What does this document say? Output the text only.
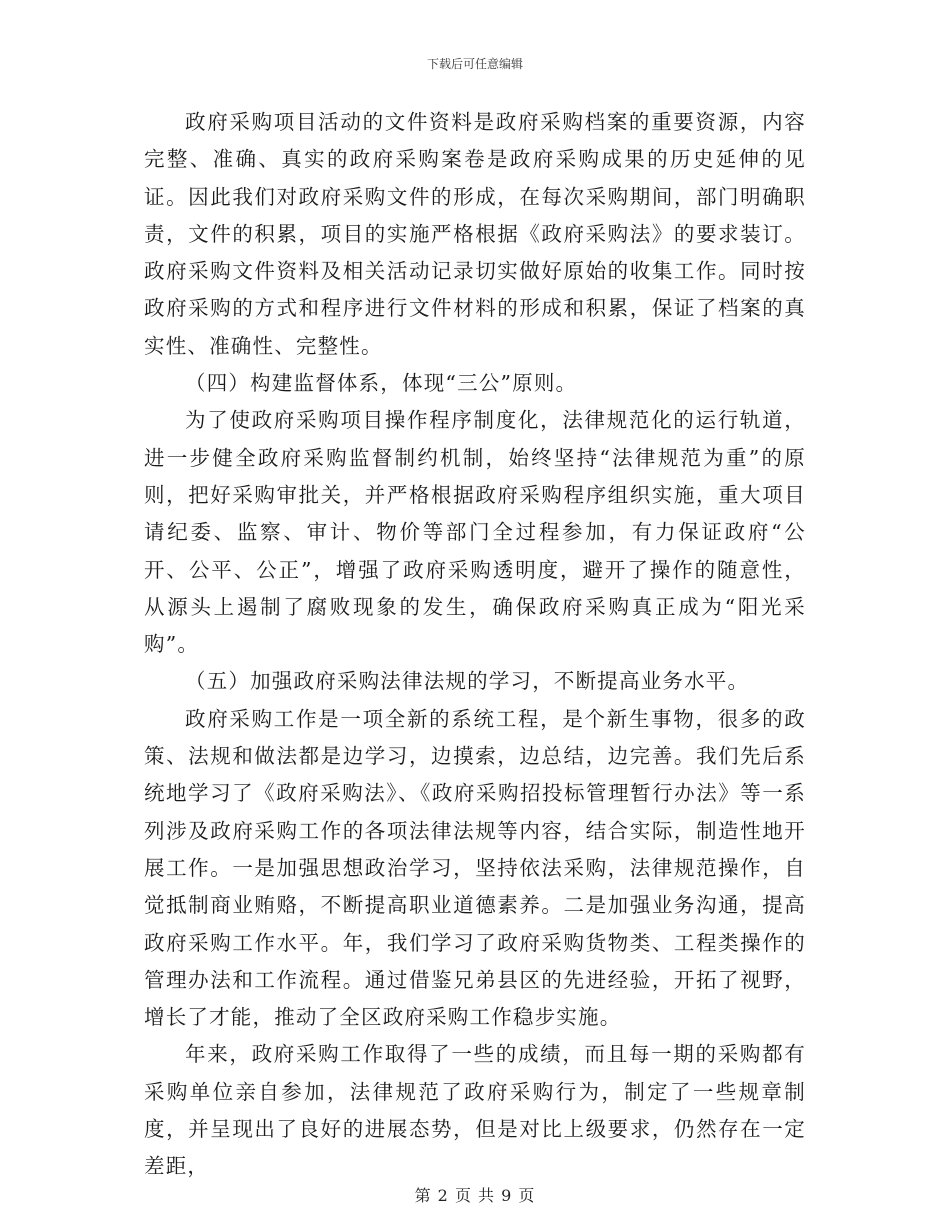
下载后可任意编辑

政府采购项目活动的文件资料是政府采购档案的重要资源，内容完整、准确、真实的政府采购案卷是政府采购成果的历史延伸的见证。因此我们对政府采购文件的形成，在每次采购期间，部门明确职责，文件的积累，项目的实施严格根据《政府采购法》的要求装订。政府采购文件资料及相关活动记录切实做好原始的收集工作。同时按政府采购的方式和程序进行文件材料的形成和积累，保证了档案的真实性、准确性、完整性。

（四）构建监督体系，体现“三公”原则。

为了使政府采购项目操作程序制度化，法律规范化的运行轨道，进一步健全政府采购监督制约机制，始终坚持“法律规范为重”的原则，把好采购审批关，并严格根据政府采购程序组织实施，重大项目请纪委、监察、审计、物价等部门全过程参加，有力保证政府“公开、公平、公正”，增强了政府采购透明度，避开了操作的随意性，从源头上遏制了腐败现象的发生，确保政府采购真正成为“阳光采购”。

（五）加强政府采购法律法规的学习，不断提高业务水平。

政府采购工作是一项全新的系统工程，是个新生事物，很多的政策、法规和做法都是边学习，边摸索，边总结，边完善。我们先后系统地学习了《政府采购法》、《政府采购招投标管理暂行办法》等一系列涉及政府采购工作的各项法律法规等内容，结合实际，制造性地开展工作。一是加强思想政治学习，坚持依法采购，法律规范操作，自觉抵制商业贿赂，不断提高职业道德素养。二是加强业务沟通，提高政府采购工作水平。年，我们学习了政府采购货物类、工程类操作的管理办法和工作流程。通过借鉴兄弟县区的先进经验，开拓了视野，增长了才能，推动了全区政府采购工作稳步实施。

年来，政府采购工作取得了一些的成绩，而且每一期的采购都有采购单位亲自参加，法律规范了政府采购行为，制定了一些规章制度，并呈现出了良好的进展态势，但是对比上级要求，仍然存在一定差距，

第 2 页 共 9 页
